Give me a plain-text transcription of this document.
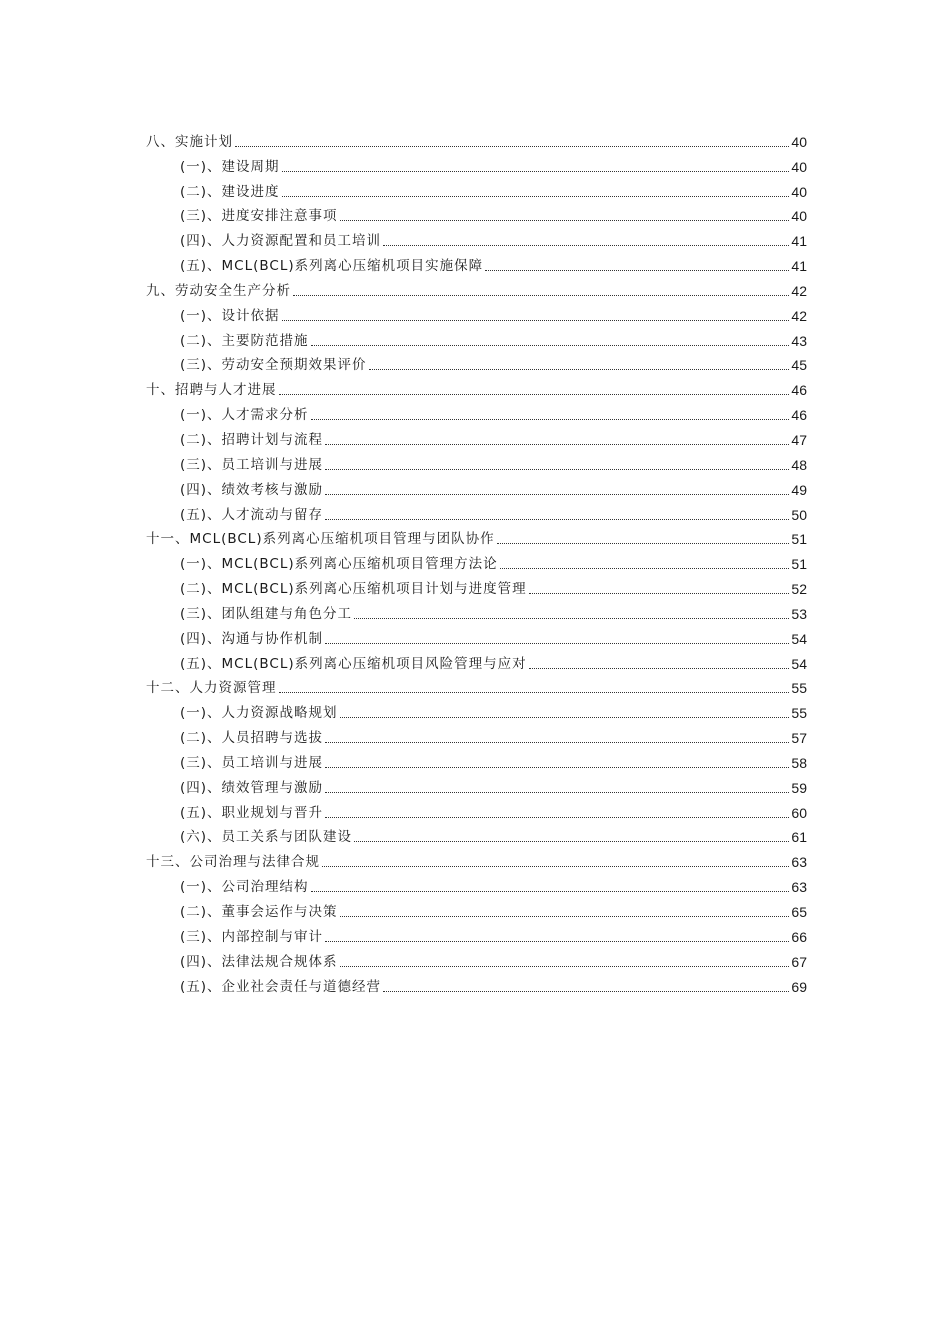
八、实施计划	40
(一)、建设周期	40
(二)、建设进度	40
(三)、进度安排注意事项	40
(四)、人力资源配置和员工培训	41
(五)、MCL(BCL)系列离心压缩机项目实施保障	41
九、劳动安全生产分析	42
(一)、设计依据	42
(二)、主要防范措施	43
(三)、劳动安全预期效果评价	45
十、招聘与人才进展	46
(一)、人才需求分析	46
(二)、招聘计划与流程	47
(三)、员工培训与进展	48
(四)、绩效考核与激励	49
(五)、人才流动与留存	50
十一、MCL(BCL)系列离心压缩机项目管理与团队协作	51
(一)、MCL(BCL)系列离心压缩机项目管理方法论	51
(二)、MCL(BCL)系列离心压缩机项目计划与进度管理	52
(三)、团队组建与角色分工	53
(四)、沟通与协作机制	54
(五)、MCL(BCL)系列离心压缩机项目风险管理与应对	54
十二、人力资源管理	55
(一)、人力资源战略规划	55
(二)、人员招聘与选拔	57
(三)、员工培训与进展	58
(四)、绩效管理与激励	59
(五)、职业规划与晋升	60
(六)、员工关系与团队建设	61
十三、公司治理与法律合规	63
(一)、公司治理结构	63
(二)、董事会运作与决策	65
(三)、内部控制与审计	66
(四)、法律法规合规体系	67
(五)、企业社会责任与道德经营	69
